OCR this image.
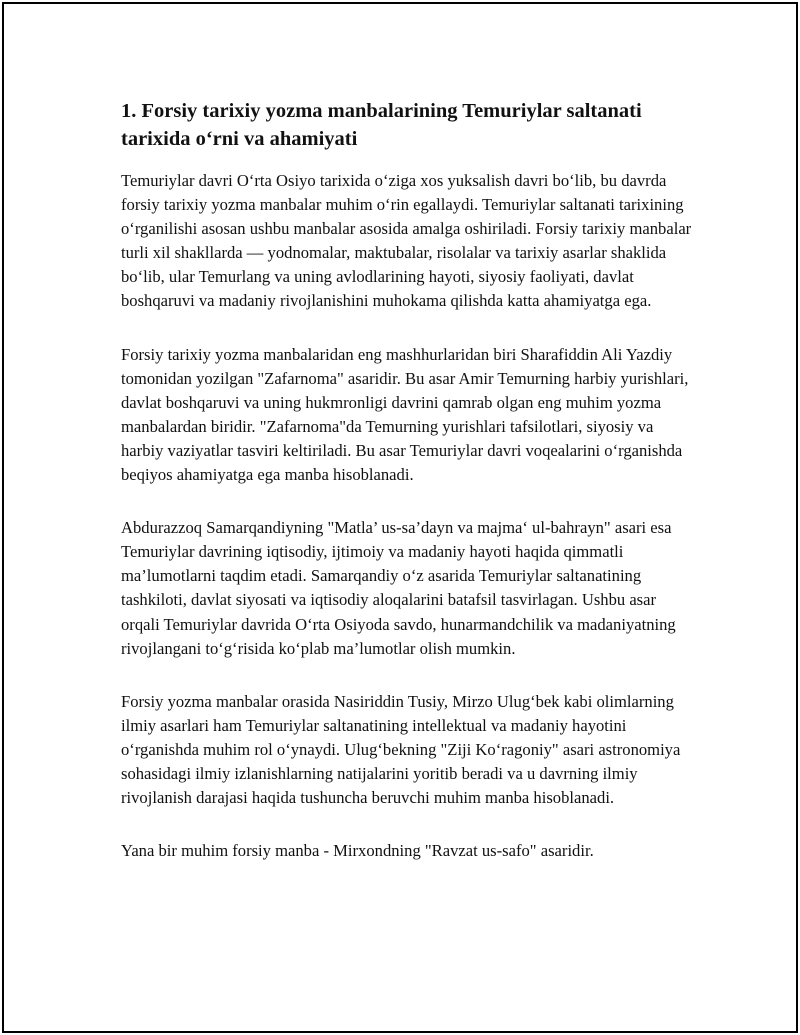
1. Forsiy tarixiy yozma manbalarining Temuriylar saltanati tarixida o‘rni va ahamiyati

Temuriylar davri O‘rta Osiyo tarixida o‘ziga xos yuksalish davri bo‘lib, bu davrda forsiy tarixiy yozma manbalar muhim o‘rin egallaydi. Temuriylar saltanati tarixining o‘rganilishi asosan ushbu manbalar asosida amalga oshiriladi. Forsiy tarixiy manbalar turli xil shakllarda — yodnomalar, maktubalar, risolalar va tarixiy asarlar shaklida bo‘lib, ular Temurlang va uning avlodlarining hayoti, siyosiy faoliyati, davlat boshqaruvi va madaniy rivojlanishini muhokama qilishda katta ahamiyatga ega.

Forsiy tarixiy yozma manbalaridan eng mashhurlaridan biri Sharafiddin Ali Yazdiy tomonidan yozilgan "Zafarnoma" asaridir. Bu asar Amir Temurning harbiy yurishlari, davlat boshqaruvi va uning hukmronligi davrini qamrab olgan eng muhim yozma manbalardan biridir. "Zafarnoma"da Temurning yurishlari tafsilotlari, siyosiy va harbiy vaziyatlar tasviri keltiriladi. Bu asar Temuriylar davri voqealarini o‘rganishda beqiyos ahamiyatga ega manba hisoblanadi.

Abdurazzoq Samarqandiyning "Matla’ us-sa’dayn va majma‘ ul-bahrayn" asari esa Temuriylar davrining iqtisodiy, ijtimoiy va madaniy hayoti haqida qimmatli ma’lumotlarni taqdim etadi. Samarqandiy o‘z asarida Temuriylar saltanatining tashkiloti, davlat siyosati va iqtisodiy aloqalarini batafsil tasvirlagan. Ushbu asar orqali Temuriylar davrida O‘rta Osiyoda savdo, hunarmandchilik va madaniyatning rivojlangani to‘g‘risida ko‘plab ma’lumotlar olish mumkin.

Forsiy yozma manbalar orasida Nasiriddin Tusiy, Mirzo Ulug‘bek kabi olimlarning ilmiy asarlari ham Temuriylar saltanatining intellektual va madaniy hayotini o‘rganishda muhim rol o‘ynaydi. Ulug‘bekning "Ziji Ko‘ragoniy" asari astronomiya sohasidagi ilmiy izlanishlarning natijalarini yoritib beradi va u davrning ilmiy rivojlanish darajasi haqida tushuncha beruvchi muhim manba hisoblanadi.

Yana bir muhim forsiy manba - Mirxondning "Ravzat us-safo" asaridir.
